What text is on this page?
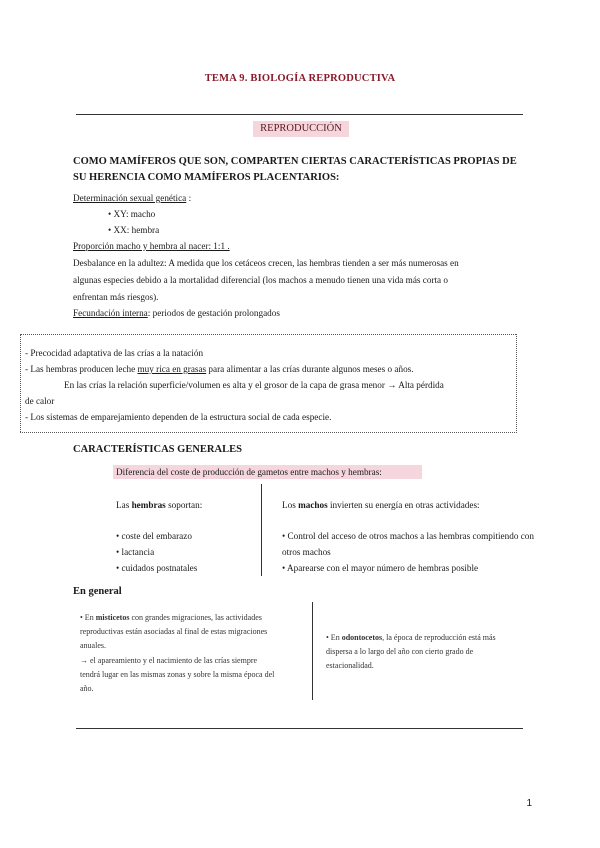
TEMA 9. BIOLOGÍA REPRODUCTIVA
REPRODUCCIÓN
COMO MAMÍFEROS QUE SON, COMPARTEN CIERTAS CARACTERÍSTICAS PROPIAS DE
SU HERENCIA COMO MAMÍFEROS PLACENTARIOS:
Determinación sexual genética :
• XY: macho
• XX: hembra
Proporción macho y hembra al nacer: 1:1 .
Desbalance en la adultez: A medida que los cetáceos crecen, las hembras tienden a ser más numerosas en
algunas especies debido a la mortalidad diferencial (los machos a menudo tienen una vida más corta o
enfrentan más riesgos).
Fecundación interna: periodos de gestación prolongados
- Precocidad adaptativa de las crías a la natación
- Las hembras producen leche muy rica en grasas para alimentar a las crías durante algunos meses o años.
En las crías la relación superficie/volumen es alta y el grosor de la capa de grasa menor → Alta pérdida
de calor
- Los sistemas de emparejamiento dependen de la estructura social de cada especie.
CARACTERÍSTICAS GENERALES
Diferencia del coste de producción de gametos entre machos y hembras:
Las hembras soportan:
• coste del embarazo
• lactancia
• cuidados postnatales
Los machos invierten su energía en otras actividades:
• Control del acceso de otros machos a las hembras compitiendo con
otros machos
• Aparearse con el mayor número de hembras posible
En general
• En misticetos con grandes migraciones, las actividades
reproductivas están asociadas al final de estas migraciones
anuales.
→ el apareamiento y el nacimiento de las crías siempre
tendrá lugar en las mismas zonas y sobre la misma época del
año.
• En odontocetos, la época de reproducción está más
dispersa a lo largo del año con cierto grado de
estacionalidad.
1
